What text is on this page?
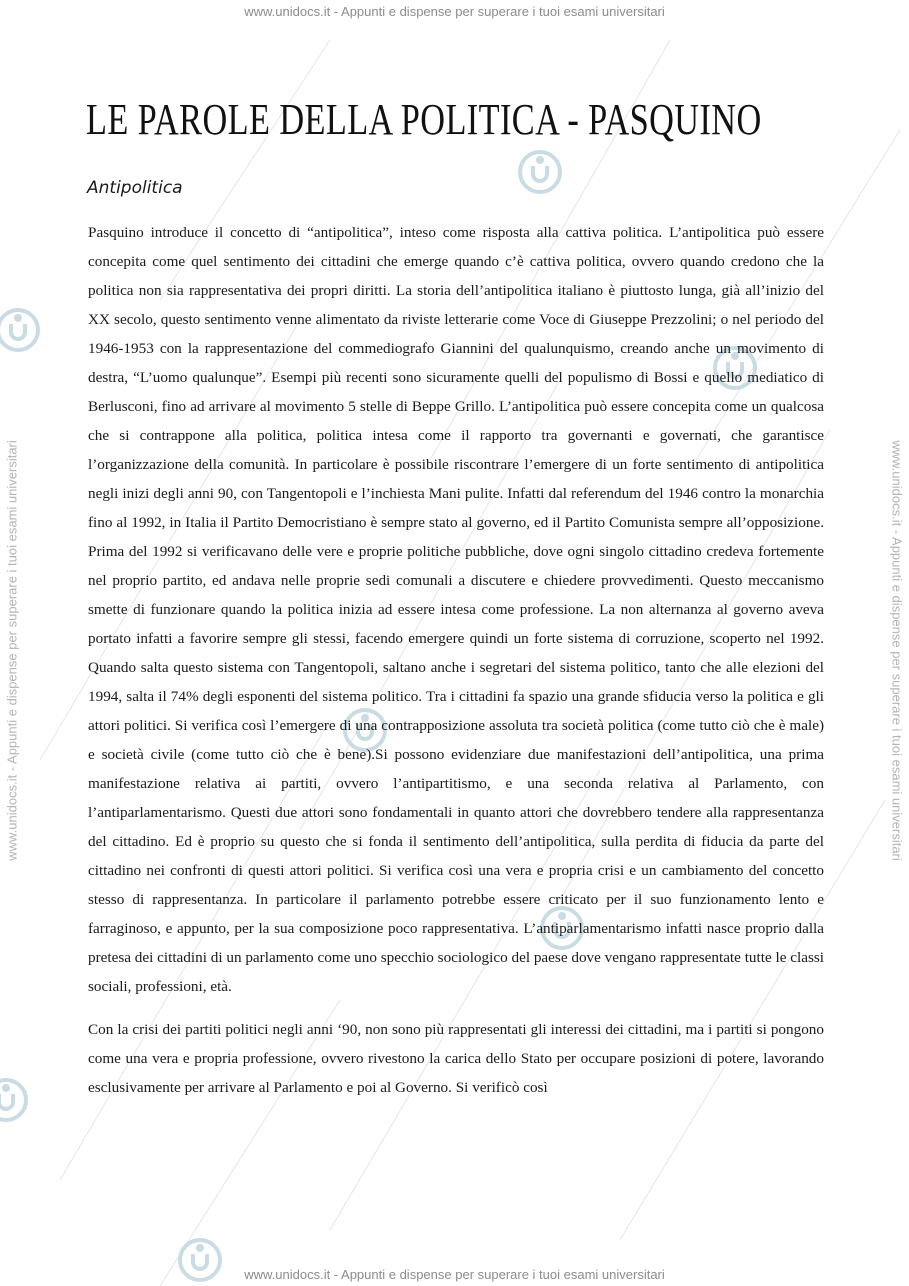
www.unidocs.it - Appunti e dispense per superare i tuoi esami universitari
www.unidocs.it - Appunti e dispense per superare i tuoi esami universitari	www.unidocs.it - Appunti e dispense per superare i tuoi esami universitari
LE PAROLE DELLA POLITICA - PASQUINO
Antipolitica

Pasquino introduce il concetto di “antipolitica”, inteso come risposta alla cattiva politica. L’antipolitica può essere concepita come quel sentimento dei cittadini che emerge quando c’è cattiva politica, ovvero quando credono che la politica non sia rappresentativa dei propri diritti. La storia dell’antipolitica italiano è piuttosto lunga, già all’inizio del XX secolo, questo sentimento venne alimentato da riviste letterarie come Voce di Giuseppe Prezzolini; o nel periodo del 1946-1953 con la rappresentazione del commediografo Giannini del qualunquismo, creando anche un movimento di destra, “L’uomo qualunque”. Esempi più recenti sono sicuramente quelli del populismo di Bossi e quello mediatico di Berlusconi, fino ad arrivare al movimento 5 stelle di Beppe Grillo. L’antipolitica può essere concepita come un qualcosa che si contrappone alla politica, politica intesa come il rapporto tra governanti e governati, che garantisce l’organizzazione della comunità. In particolare è possibile riscontrare l’emergere di un forte sentimento di antipolitica negli inizi degli anni 90, con Tangentopoli e l’inchiesta Mani pulite. Infatti dal referendum del 1946 contro la monarchia fino al 1992, in Italia il Partito Democristiano è sempre stato al governo, ed il Partito Comunista sempre all’opposizione. Prima del 1992 si verificavano delle vere e proprie politiche pubbliche, dove ogni singolo cittadino credeva fortemente nel proprio partito, ed andava nelle proprie sedi comunali a discutere e chiedere provvedimenti. Questo meccanismo smette di funzionare quando la politica inizia ad essere intesa come professione. La non alternanza al governo aveva portato infatti a favorire sempre gli stessi, facendo emergere quindi un forte sistema di corruzione, scoperto nel 1992. Quando salta questo sistema con Tangentopoli, saltano anche i segretari del sistema politico, tanto che alle elezioni del 1994, salta il 74% degli esponenti del sistema politico. Tra i cittadini fa spazio una grande sfiducia verso la politica e gli attori politici. Si verifica così l’emergere di una contrapposizione assoluta tra società politica (come tutto ciò che è male) e società civile (come tutto ciò che è bene).Si possono evidenziare due manifestazioni dell’antipolitica, una prima manifestazione relativa ai partiti, ovvero l’antipartitismo, e una seconda relativa al Parlamento, con l’antiparlamentarismo. Questi due attori sono fondamentali in quanto attori che dovrebbero tendere alla rappresentanza del cittadino. Ed è proprio su questo che si fonda il sentimento dell’antipolitica, sulla perdita di fiducia da parte del cittadino nei confronti di questi attori politici. Si verifica così una vera e propria crisi e un cambiamento del concetto stesso di rappresentanza. In particolare il parlamento potrebbe essere criticato per il suo funzionamento lento e farraginoso, e appunto, per la sua composizione poco rappresentativa. L’antiparlamentarismo infatti nasce proprio dalla pretesa dei cittadini di un parlamento come uno specchio sociologico del paese dove vengano rappresentate tutte le classi sociali, professioni, età.

Con la crisi dei partiti politici negli anni ‘90, non sono più rappresentati gli interessi dei cittadini, ma i partiti si pongono come una vera e propria professione, ovvero rivestono la carica dello Stato per occupare posizioni di potere, lavorando esclusivamente per arrivare al Parlamento e poi al Governo. Si verificò così

www.unidocs.it - Appunti e dispense per superare i tuoi esami universitari
